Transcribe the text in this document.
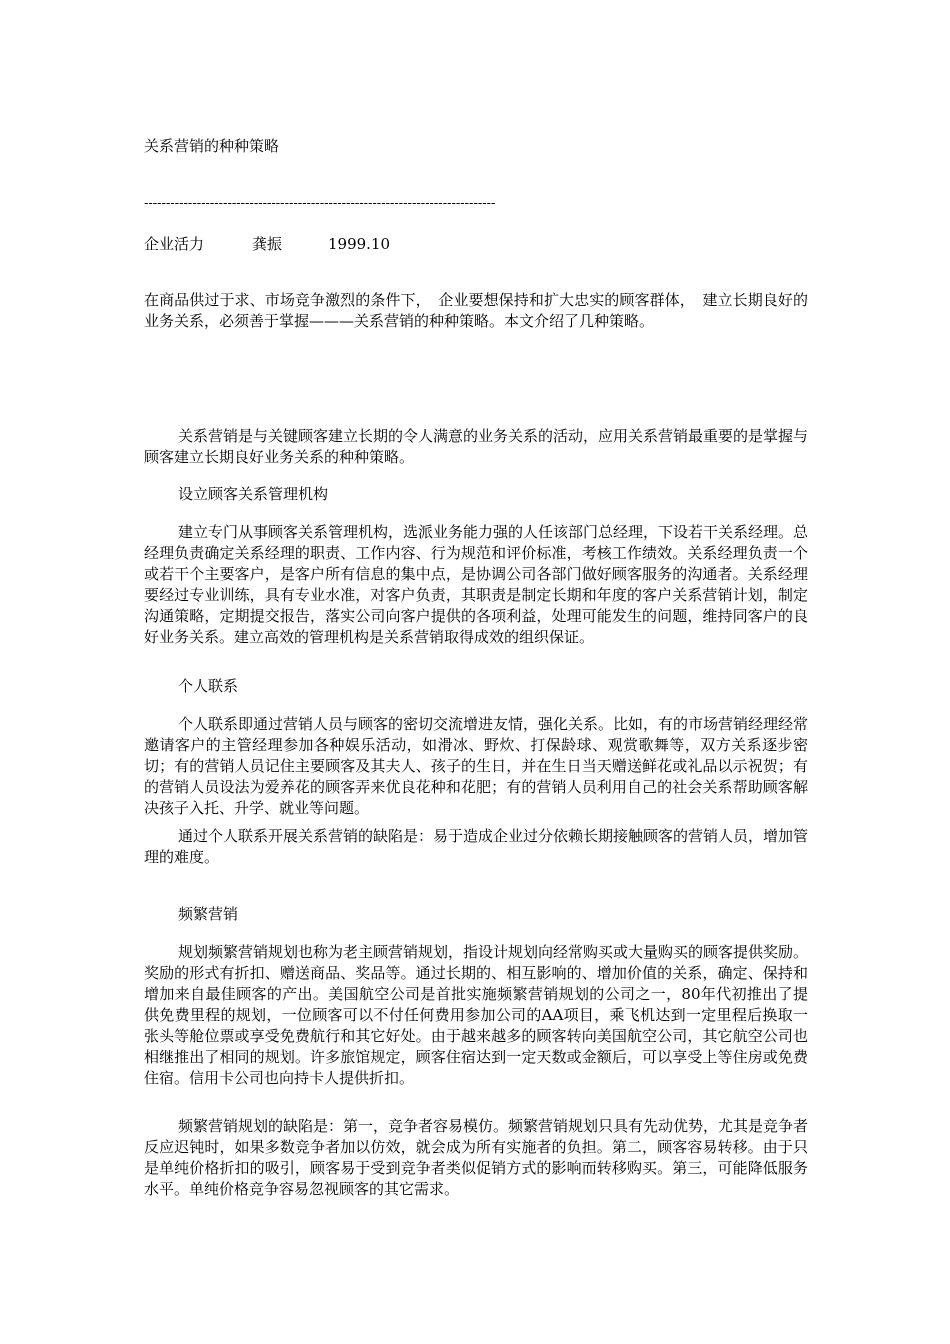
关系营销的种种策略
--------------------------------------------------------------------------------
企业活力	龚振	1999.10

在商品供过于求、市场竞争激烈的条件下，　企业要想保持和扩大忠实的顾客群体，　建立长期良好的业务关系，必须善于掌握———关系营销的种种策略。本文介绍了几种策略。

关系营销是与关键顾客建立长期的令人满意的业务关系的活动，应用关系营销最重要的是掌握与顾客建立长期良好业务关系的种种策略。

设立顾客关系管理机构

建立专门从事顾客关系管理机构，选派业务能力强的人任该部门总经理，下设若干关系经理。总经理负责确定关系经理的职责、工作内容、行为规范和评价标准，考核工作绩效。关系经理负责一个或若干个主要客户，是客户所有信息的集中点，是协调公司各部门做好顾客服务的沟通者。关系经理要经过专业训练，具有专业水准，对客户负责，其职责是制定长期和年度的客户关系营销计划，制定沟通策略，定期提交报告，落实公司向客户提供的各项利益，处理可能发生的问题，维持同客户的良好业务关系。建立高效的管理机构是关系营销取得成效的组织保证。

个人联系

个人联系即通过营销人员与顾客的密切交流增进友情，强化关系。比如，有的市场营销经理经常邀请客户的主管经理参加各种娱乐活动，如滑冰、野炊、打保龄球、观赏歌舞等，双方关系逐步密切；有的营销人员记住主要顾客及其夫人、孩子的生日，并在生日当天赠送鲜花或礼品以示祝贺；有的营销人员设法为爱养花的顾客弄来优良花种和花肥；有的营销人员利用自己的社会关系帮助顾客解决孩子入托、升学、就业等问题。

通过个人联系开展关系营销的缺陷是：易于造成企业过分依赖长期接触顾客的营销人员，增加管理的难度。

频繁营销

规划频繁营销规划也称为老主顾营销规划，指设计规划向经常购买或大量购买的顾客提供奖励。奖励的形式有折扣、赠送商品、奖品等。通过长期的、相互影响的、增加价值的关系，确定、保持和增加来自最佳顾客的产出。美国航空公司是首批实施频繁营销规划的公司之一，80年代初推出了提供免费里程的规划，一位顾客可以不付任何费用参加公司的AA项目，乘飞机达到一定里程后换取一张头等舱位票或享受免费航行和其它好处。由于越来越多的顾客转向美国航空公司，其它航空公司也相继推出了相同的规划。许多旅馆规定，顾客住宿达到一定天数或金额后，可以享受上等住房或免费住宿。信用卡公司也向持卡人提供折扣。

频繁营销规划的缺陷是：第一，竞争者容易模仿。频繁营销规划只具有先动优势，尤其是竞争者反应迟钝时，如果多数竞争者加以仿效，就会成为所有实施者的负担。第二，顾客容易转移。由于只是单纯价格折扣的吸引，顾客易于受到竞争者类似促销方式的影响而转移购买。第三，可能降低服务水平。单纯价格竞争容易忽视顾客的其它需求。
